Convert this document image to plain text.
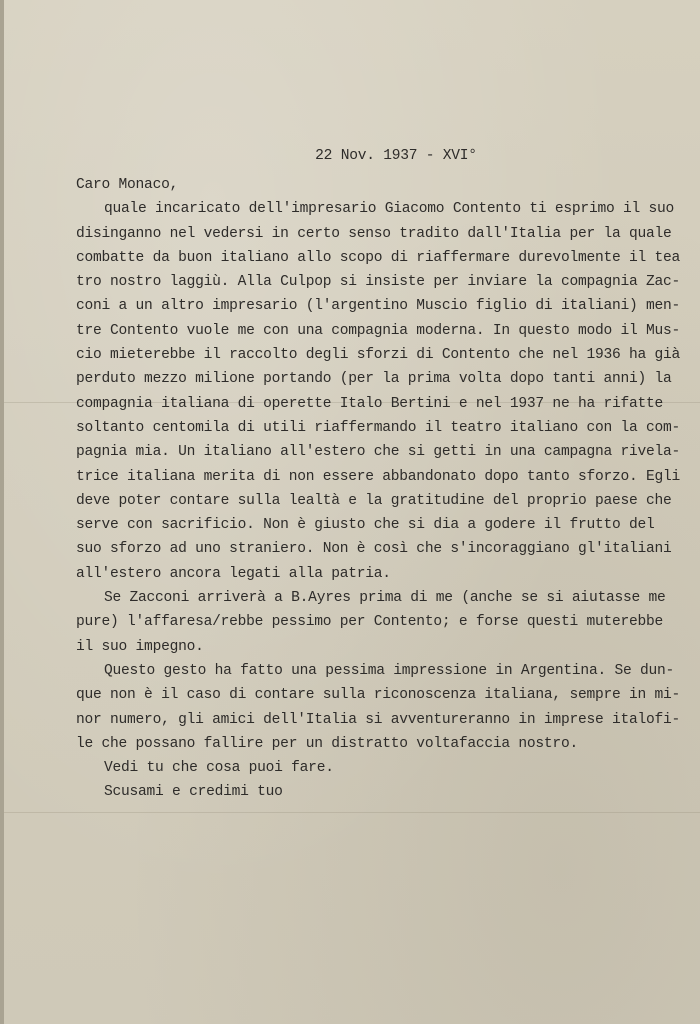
22 Nov. 1937 - XVI°
Caro Monaco,
quale incaricato dell'impresario Giacomo Contento ti esprimo il suo
disinganno nel vedersi in certo senso tradito dall'Italia per la quale
combatte da buon italiano allo scopo di riaffermare durevolmente il tea
tro nostro laggiù. Alla Culpop si insiste per inviare la compagnia Zac-
coni a un altro impresario (l'argentino Muscio figlio di italiani) men-
tre Contento vuole me con una compagnia moderna. In questo modo il Mus-
cio mieterebbe il raccolto degli sforzi di Contento che nel 1936 ha già
perduto mezzo milione portando (per la prima volta dopo tanti anni) la
compagnia italiana di operette Italo Bertini e nel 1937 ne ha rifatte
soltanto centomila di utili riaffermando il teatro italiano con la com-
pagnia mia. Un italiano all'estero che si getti in una campagna rivela-
trice italiana merita di non essere abbandonato dopo tanto sforzo. Egli
deve poter contare sulla lealtà e la gratitudine del proprio paese che
serve con sacrificio. Non è giusto che si dia a godere il frutto del
suo sforzo ad uno straniero. Non è così che s'incoraggiano gl'italiani
all'estero ancora legati alla patria.
Se Zacconi arriverà a B.Ayres prima di me (anche se si aiutasse me
pure) l'affaresa/rebbe pessimo per Contento; e forse questi muterebbe
il suo impegno.
Questo gesto ha fatto una pessima impressione in Argentina. Se dun-
que non è il caso di contare sulla riconoscenza italiana, sempre in mi-
nor numero, gli amici dell'Italia si avventureranno in imprese italofi-
le che possano fallire per un distratto voltafaccia nostro.
Vedi tu che cosa puoi fare.
Scusami e credimi tuo
